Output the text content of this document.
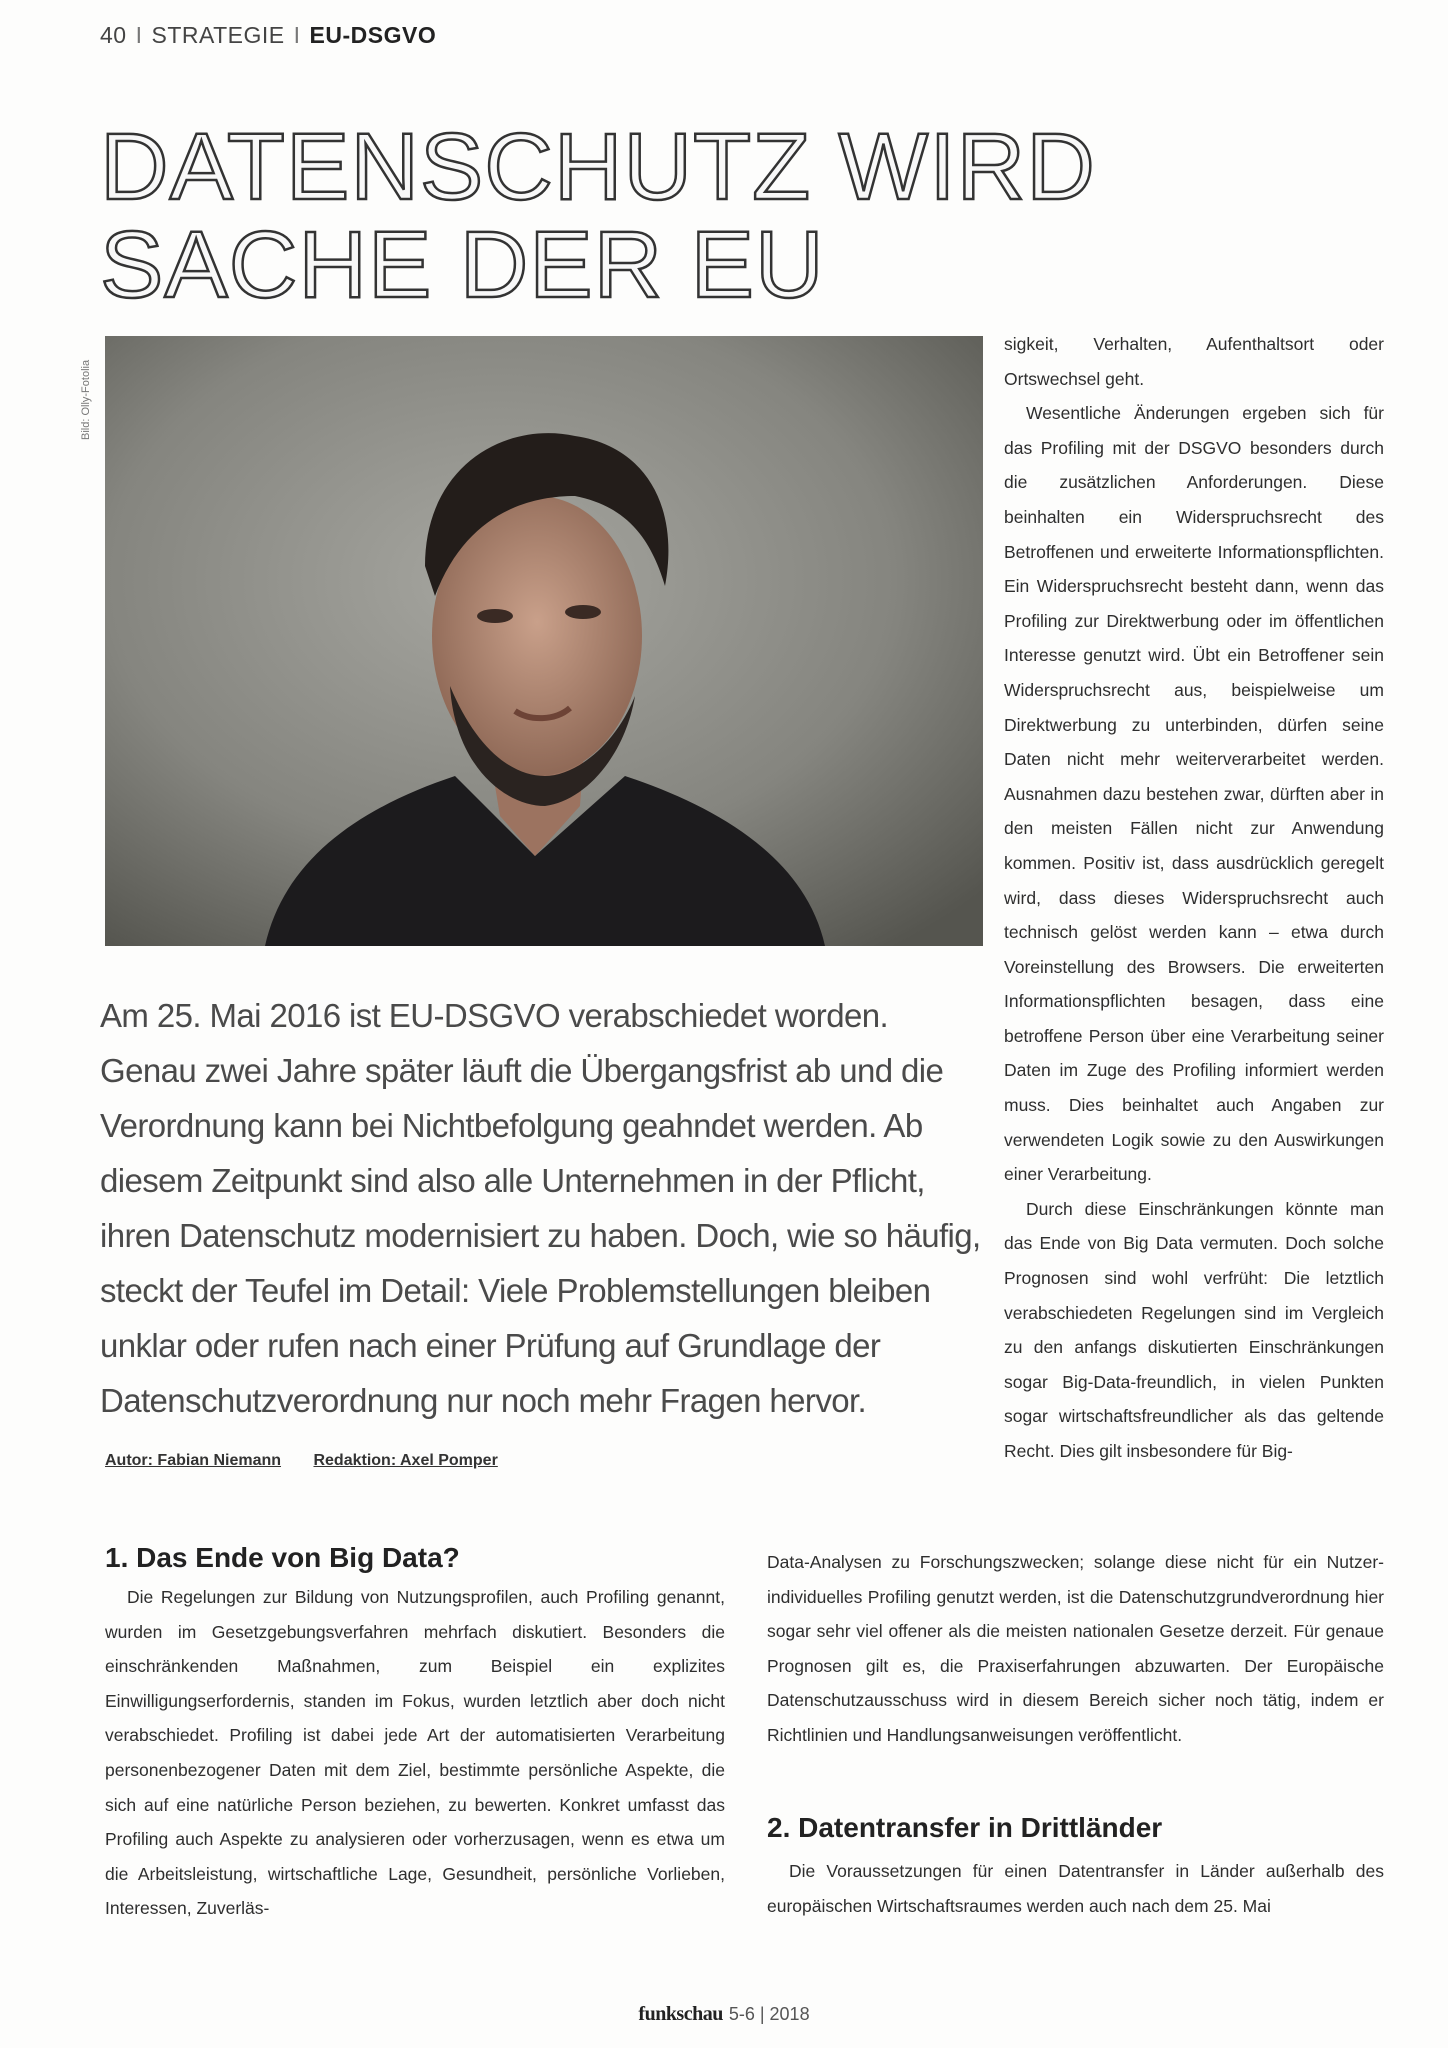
40 I STRATEGIE I EU-DSGVO
DATENSCHUTZ WIRD
SACHE DER EU
Bild: Olly-Fotolia
Am 25. Mai 2016 ist EU-DSGVO verabschiedet worden. Genau zwei Jahre später läuft die Übergangsfrist ab und die Verordnung kann bei Nichtbefolgung geahndet werden. Ab diesem Zeitpunkt sind also alle Unternehmen in der Pflicht, ihren Datenschutz modernisiert zu haben. Doch, wie so häufig, steckt der Teufel im Detail: Viele Problemstellungen bleiben unklar oder rufen nach einer Prüfung auf Grundlage der Datenschutzverordnung nur noch mehr Fragen hervor.
Autor: Fabian Niemann Redaktion: Axel Pomper

sigkeit, Verhalten, Aufenthaltsort oder Ortswechsel geht.

Wesentliche Änderungen ergeben sich für das Profiling mit der DSGVO besonders durch die zusätzlichen Anforderungen. Diese beinhalten ein Widerspruchsrecht des Betroffenen und erweiterte Informationspflichten. Ein Widerspruchsrecht besteht dann, wenn das Profiling zur Direktwerbung oder im öffentlichen Interesse genutzt wird. Übt ein Betroffener sein Widerspruchsrecht aus, beispielweise um Direktwerbung zu unterbinden, dürfen seine Daten nicht mehr weiterverarbeitet werden. Ausnahmen dazu bestehen zwar, dürften aber in den meisten Fällen nicht zur Anwendung kommen. Positiv ist, dass ausdrücklich geregelt wird, dass dieses Widerspruchsrecht auch technisch gelöst werden kann – etwa durch Voreinstellung des Browsers. Die erweiterten Informationspflichten besagen, dass eine betroffene Person über eine Verarbeitung seiner Daten im Zuge des Profiling informiert werden muss. Dies beinhaltet auch Angaben zur verwendeten Logik sowie zu den Auswirkungen einer Verarbeitung.

Durch diese Einschränkungen könnte man das Ende von Big Data vermuten. Doch solche Prognosen sind wohl verfrüht: Die letztlich verabschiedeten Regelungen sind im Vergleich zu den anfangs diskutierten Einschränkungen sogar Big-Data-freundlich, in vielen Punkten sogar wirtschaftsfreundlicher als das geltende Recht. Dies gilt insbesondere für Big-

1. Das Ende von Big Data?

Die Regelungen zur Bildung von Nutzungsprofilen, auch Profiling genannt, wurden im Gesetzgebungsverfahren mehrfach diskutiert. Besonders die einschränkenden Maßnahmen, zum Beispiel ein explizites Einwilligungserfordernis, standen im Fokus, wurden letztlich aber doch nicht verabschiedet. Profiling ist dabei jede Art der automatisierten Verarbeitung personenbezogener Daten mit dem Ziel, bestimmte persönliche Aspekte, die sich auf eine natürliche Person beziehen, zu bewerten. Konkret umfasst das Profiling auch Aspekte zu analysieren oder vorherzusagen, wenn es etwa um die Arbeitsleistung, wirtschaftliche Lage, Gesundheit, persönliche Vorlieben, Interessen, Zuverläs-

Data-Analysen zu Forschungszwecken; solange diese nicht für ein Nutzer-individuelles Profiling genutzt werden, ist die Datenschutzgrundverordnung hier sogar sehr viel offener als die meisten nationalen Gesetze derzeit. Für genaue Prognosen gilt es, die Praxiserfahrungen abzuwarten. Der Europäische Datenschutzausschuss wird in diesem Bereich sicher noch tätig, indem er Richtlinien und Handlungsanweisungen veröffentlicht.

2. Datentransfer in Drittländer

Die Voraussetzungen für einen Datentransfer in Länder außerhalb des europäischen Wirtschaftsraumes werden auch nach dem 25. Mai

funkschau 5-6 | 2018
